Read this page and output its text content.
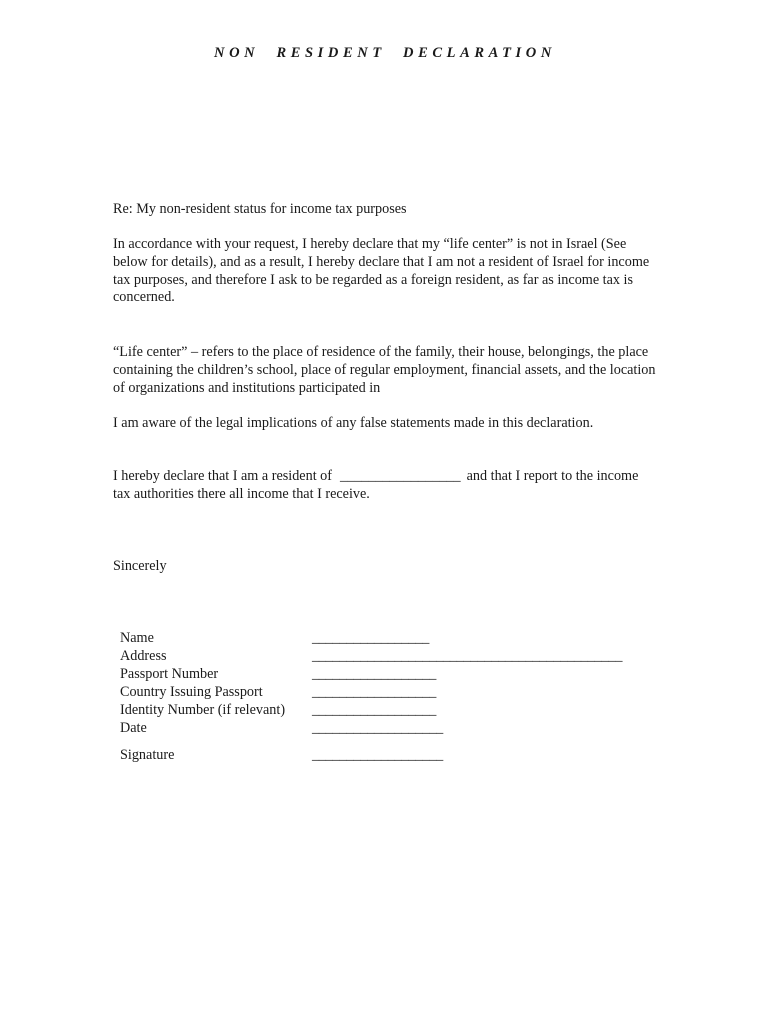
NON RESIDENT DECLARATION
Re: My non-resident status for income tax purposes
In accordance with your request, I hereby declare that my “life center” is not in Israel (See below for details), and as a result, I hereby declare that I am not a resident of Israel for income tax purposes, and therefore I ask to be regarded as a foreign resident, as far as income tax is concerned.
“Life center” – refers to the place of residence of the family, their house, belongings, the place containing the children’s school, place of regular employment, financial assets, and the location of organizations and institutions participated in
I am aware of the legal implications of any false statements made in this declaration.
I hereby declare that I am a resident of _________________ and that I report to the income tax authorities there all income that I receive.
Sincerely
Name	_________________
Address	_____________________________________________
Passport Number	__________________
Country Issuing Passport	__________________
Identity Number (if relevant) __________________
Date	___________________
Signature	___________________
